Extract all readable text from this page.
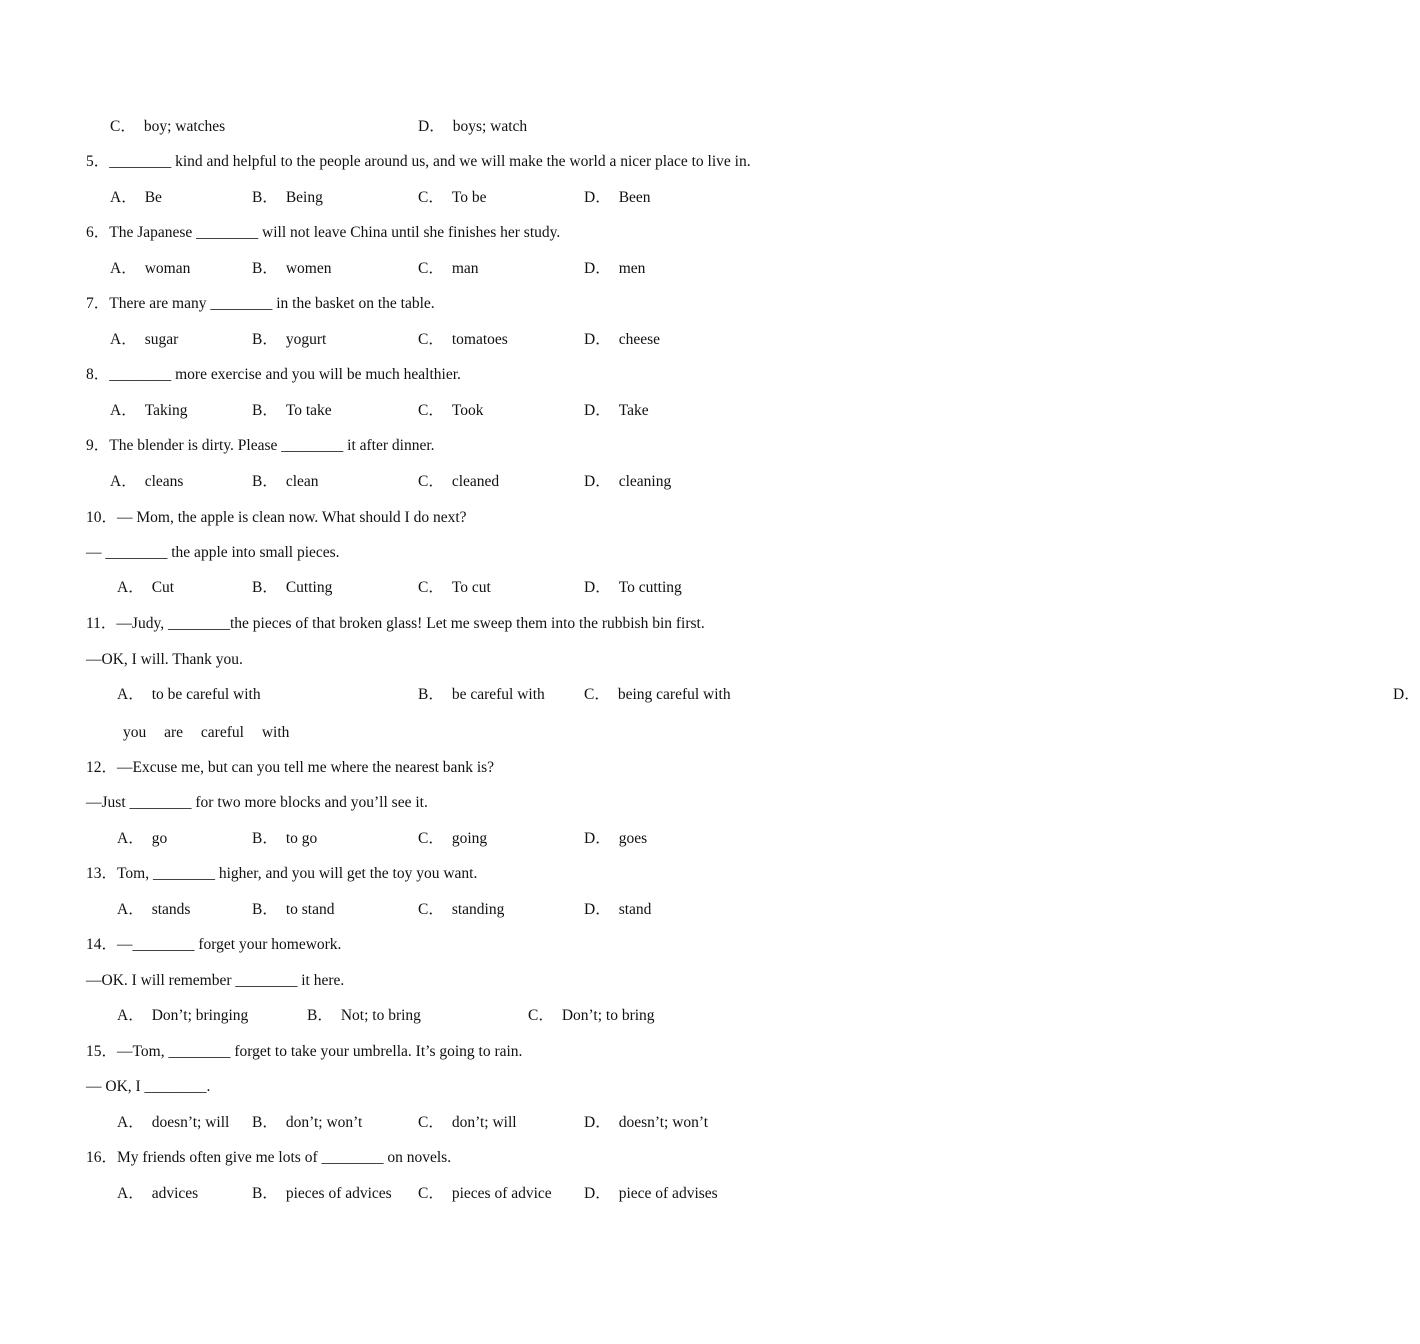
C． boy; watches	D． boys; watch
5．________ kind and helpful to the people around us, and we will make the world a nicer place to live in.
A． Be	B． Being	C． To be	D． Been
6．The Japanese ________ will not leave China until she finishes her study.
A． woman	B． women	C． man	D． men
7．There are many ________ in the basket on the table.
A． sugar	B． yogurt	C． tomatoes	D． cheese
8．________ more exercise and you will be much healthier.
A． Taking	B． To take	C． Took	D． Take
9．The blender is dirty. Please ________ it after dinner.
A． cleans	B． clean	C． cleaned	D． cleaning
10．— Mom, the apple is clean now. What should I do next?
— ________ the apple into small pieces.
A． Cut	B． Cutting	C． To cut	D． To cutting
11．—Judy, ________the pieces of that broken glass! Let me sweep them into the rubbish bin first.
—OK, I will. Thank you.
A． to be careful with	B． be careful with	C． being careful with	D．you are careful with
12．—Excuse me, but can you tell me where the nearest bank is?
—Just ________ for two more blocks and you’ll see it.
A． go	B． to go	C． going	D． goes
13．Tom, ________ higher, and you will get the toy you want.
A． stands	B． to stand	C． standing	D． stand
14．—________ forget your homework.
—OK. I will remember ________ it here.
A． Don’t; bringing	B． Not; to bring	C． Don’t; to bring
15．—Tom, ________ forget to take your umbrella. It’s going to rain.
— OK, I ________.
A． doesn’t; will B． don’t; won’t	C． don’t; will	D． doesn’t; won’t
16．My friends often give me lots of ________ on novels.
A． advices	B． pieces of advices C． pieces of advice D． piece of advises
